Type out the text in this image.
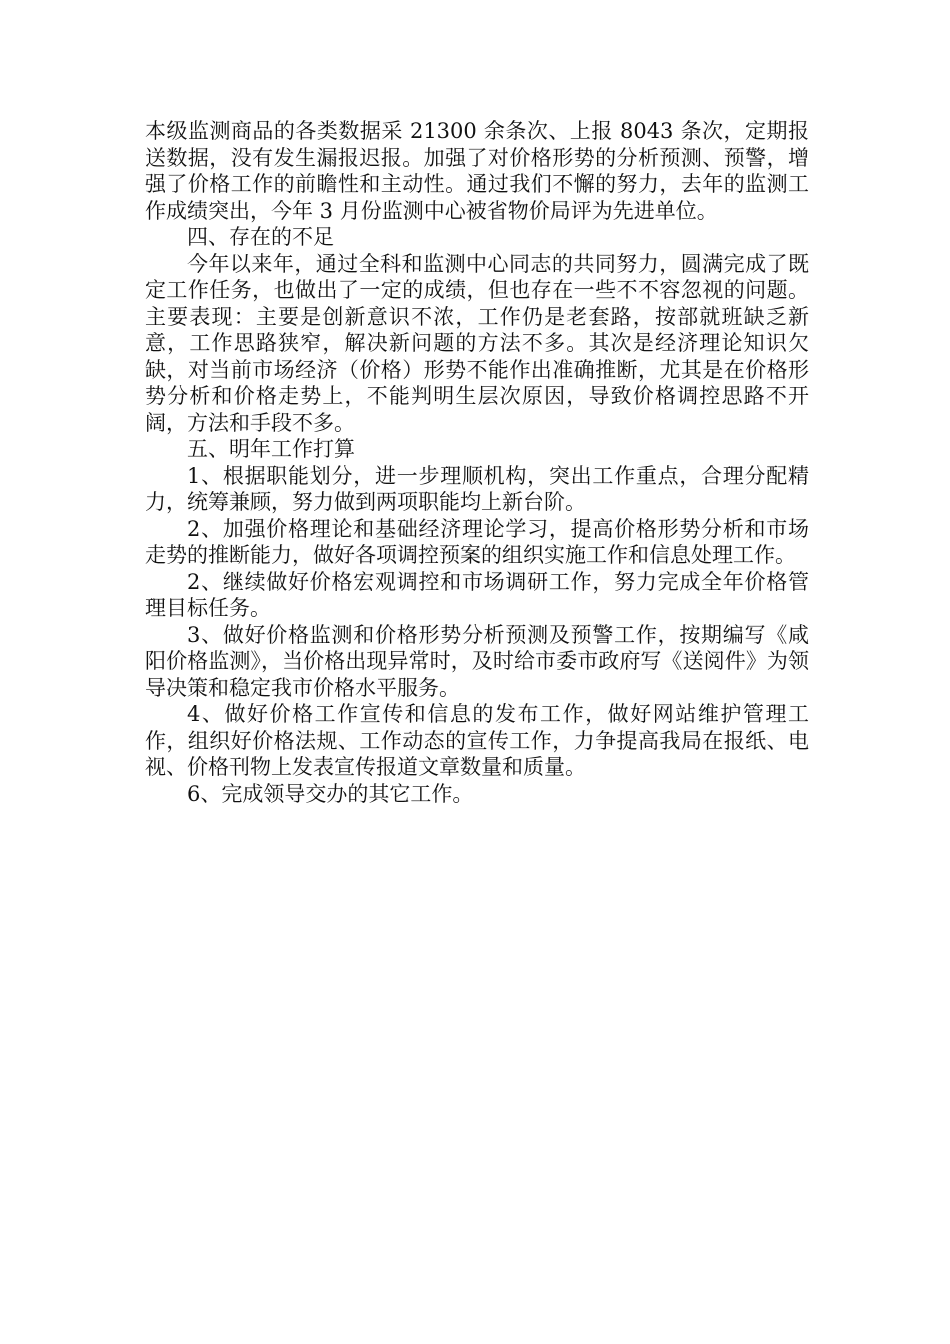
本级监测商品的各类数据采 21300 余条次、上报 8043 条次，定期报送数据，没有发生漏报迟报。加强了对价格形势的分析预测、预警，增强了价格工作的前瞻性和主动性。通过我们不懈的努力，去年的监测工作成绩突出，今年 3 月份监测中心被省物价局评为先进单位。

四、存在的不足

今年以来年，通过全科和监测中心同志的共同努力，圆满完成了既定工作任务，也做出了一定的成绩，但也存在一些不不容忽视的问题。主要表现：主要是创新意识不浓，工作仍是老套路，按部就班缺乏新意，工作思路狭窄，解决新问题的方法不多。其次是经济理论知识欠缺，对当前市场经济（价格）形势不能作出准确推断，尤其是在价格形势分析和价格走势上，不能判明生层次原因，导致价格调控思路不开阔，方法和手段不多。

五、明年工作打算

1、根据职能划分，进一步理顺机构，突出工作重点，合理分配精力，统筹兼顾，努力做到两项职能均上新台阶。

2、加强价格理论和基础经济理论学习，提高价格形势分析和市场走势的推断能力，做好各项调控预案的组织实施工作和信息处理工作。

2、继续做好价格宏观调控和市场调研工作，努力完成全年价格管理目标任务。

3、做好价格监测和价格形势分析预测及预警工作，按期编写《咸阳价格监测》，当价格出现异常时，及时给市委市政府写《送阅件》为领导决策和稳定我市价格水平服务。

4、做好价格工作宣传和信息的发布工作，做好网站维护管理工作，组织好价格法规、工作动态的宣传工作，力争提高我局在报纸、电视、价格刊物上发表宣传报道文章数量和质量。

6、完成领导交办的其它工作。
